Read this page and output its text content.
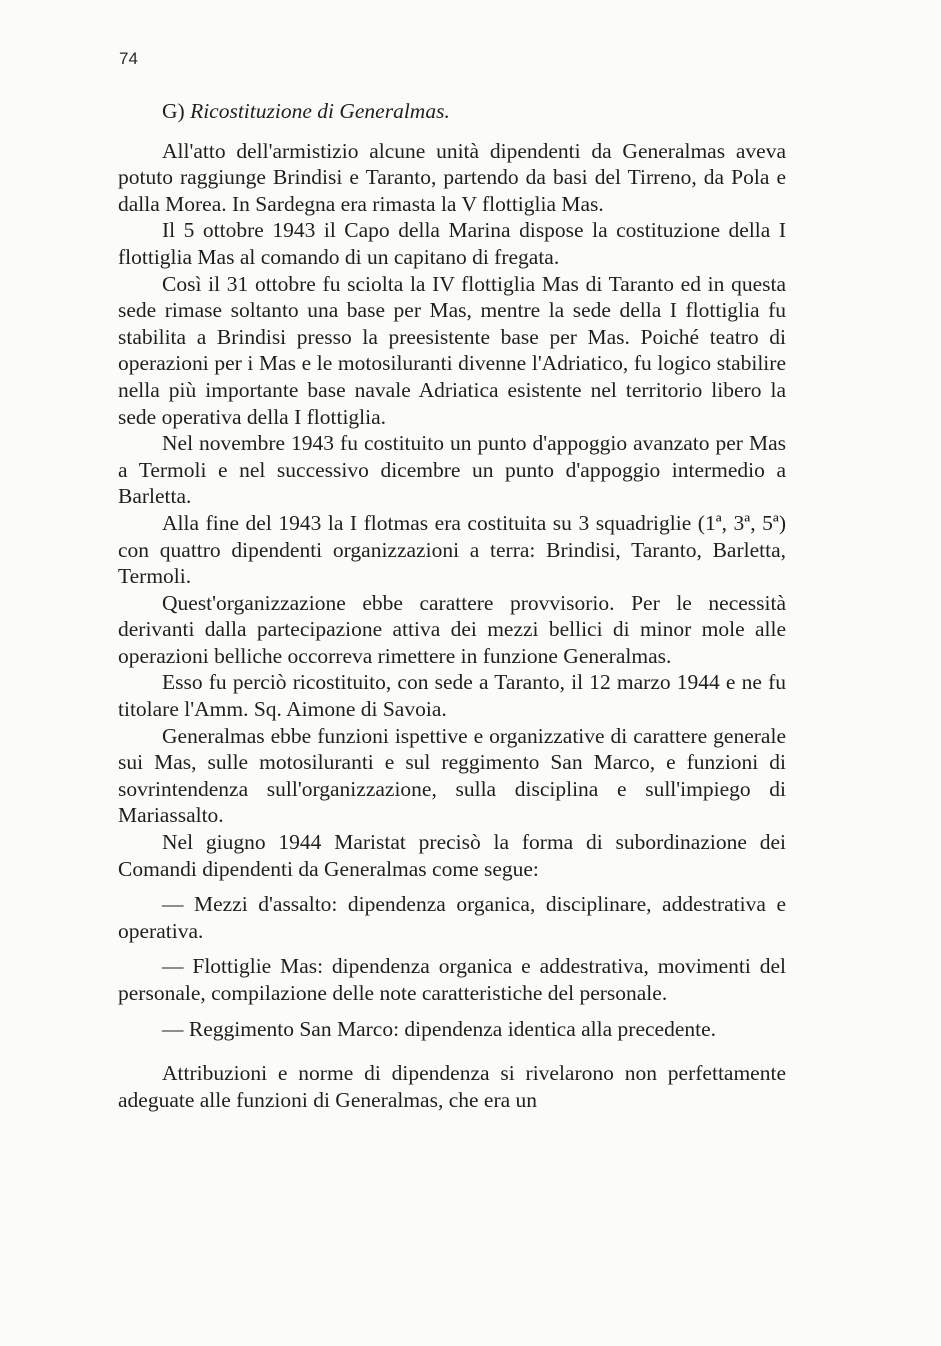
74
G) Ricostituzione di Generalmas.

All'atto dell'armistizio alcune unità dipendenti da Generalmas aveva potuto raggiunge Brindisi e Taranto, partendo da basi del Tirreno, da Pola e dalla Morea. In Sardegna era rimasta la V flottiglia Mas.

Il 5 ottobre 1943 il Capo della Marina dispose la costituzione della I flottiglia Mas al comando di un capitano di fregata.

Così il 31 ottobre fu sciolta la IV flottiglia Mas di Taranto ed in questa sede rimase soltanto una base per Mas, mentre la sede della I flottiglia fu stabilita a Brindisi presso la preesistente base per Mas. Poiché teatro di operazioni per i Mas e le motosiluranti divenne l'Adriatico, fu logico stabilire nella più importante base navale Adriatica esistente nel territorio libero la sede operativa della I flottiglia.

Nel novembre 1943 fu costituito un punto d'appoggio avanzato per Mas a Termoli e nel successivo dicembre un punto d'appoggio intermedio a Barletta.

Alla fine del 1943 la I flotmas era costituita su 3 squadriglie (1ª, 3ª, 5ª) con quattro dipendenti organizzazioni a terra: Brindisi, Taranto, Barletta, Termoli.

Quest'organizzazione ebbe carattere provvisorio. Per le necessità derivanti dalla partecipazione attiva dei mezzi bellici di minor mole alle operazioni belliche occorreva rimettere in funzione Generalmas.

Esso fu perciò ricostituito, con sede a Taranto, il 12 marzo 1944 e ne fu titolare l'Amm. Sq. Aimone di Savoia.

Generalmas ebbe funzioni ispettive e organizzative di carattere generale sui Mas, sulle motosiluranti e sul reggimento San Marco, e funzioni di sovrintendenza sull'organizzazione, sulla disciplina e sull'impiego di Mariassalto.

Nel giugno 1944 Maristat precisò la forma di subordinazione dei Comandi dipendenti da Generalmas come segue:

— Mezzi d'assalto: dipendenza organica, disciplinare, addestrativa e operativa.

— Flottiglie Mas: dipendenza organica e addestrativa, movimenti del personale, compilazione delle note caratteristiche del personale.

— Reggimento San Marco: dipendenza identica alla precedente.

Attribuzioni e norme di dipendenza si rivelarono non perfettamente adeguate alle funzioni di Generalmas, che era un
